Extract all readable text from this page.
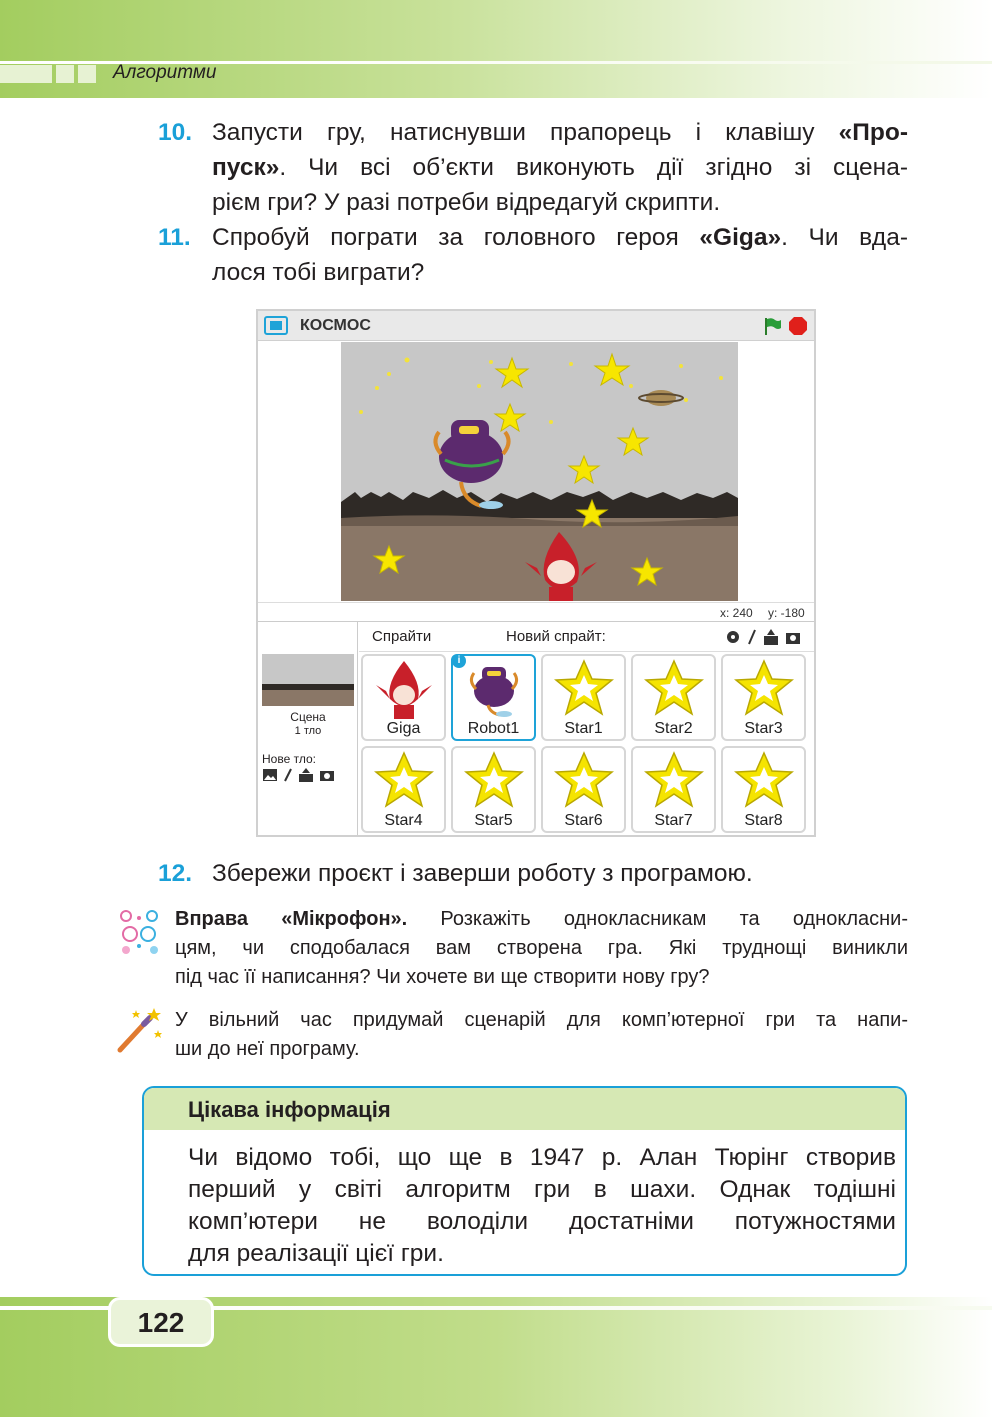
Алгоритми
10. Запусти гру, натиснувши прапорець і клавішу «Про-
пуск». Чи всі об’єкти виконують дії згідно зі сцена-
рієм гри? У разі потреби відредагуй скрипти.
11. Спробуй пограти за головного героя «Giga». Чи вда-
лося тобі виграти?
КОСМОС
x: 240 y: -180
Сцена
1 тло
Нове тло:
Спрайти	Новий спрайт:
Giga	Robot1
i
Star1	Star2	Star3
Star4	Star5	Star6	Star7	Star8
12. Збережи проєкт і заверши роботу з програмою.
Вправа «Мікрофон». Розкажіть однокласникам та однокласни-
цям, чи сподобалася вам створена гра. Які труднощі виникли
під час її написання? Чи хочете ви ще створити нову гру?
У вільний час придумай сценарій для комп’ютерної гри та напи-
ши до неї програму.
Цікава інформація
Чи відомо тобі, що ще в 1947 р. Алан Тюрінг створив
перший у світі алгоритм гри в шахи. Однак тодішні
комп’ютери не володіли достатніми потужностями
для реалізації цієї гри.
122
